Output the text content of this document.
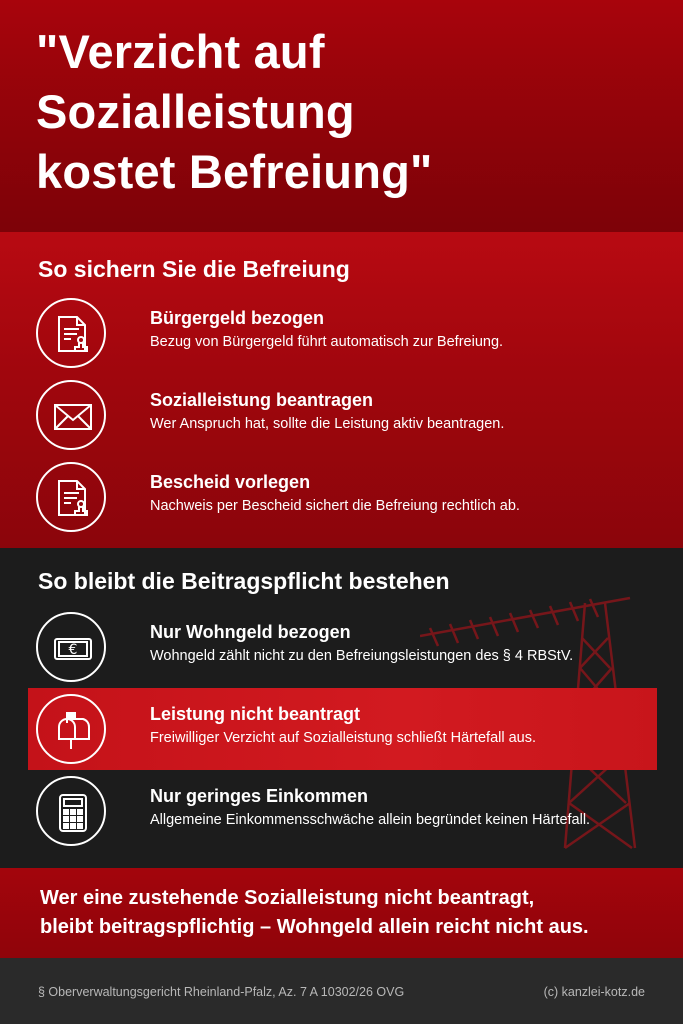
"Verzicht auf
Sozialleistung
kostet Befreiung"
So sichern Sie die Befreiung
Bürgergeld bezogen
Bezug von Bürgergeld führt automatisch zur Befreiung.
Sozialleistung beantragen
Wer Anspruch hat, sollte die Leistung aktiv beantragen.
Bescheid vorlegen
Nachweis per Bescheid sichert die Befreiung rechtlich ab.
So bleibt die Beitragspflicht bestehen
€
Nur Wohngeld bezogen
Wohngeld zählt nicht zu den Befreiungsleistungen des § 4 RBStV.
Leistung nicht beantragt
Freiwilliger Verzicht auf Sozialleistung schließt Härtefall aus.
Nur geringes Einkommen
Allgemeine Einkommensschwäche allein begründet keinen Härtefall.

Wer eine zustehende Sozialleistung nicht beantragt,
bleibt beitragspflichtig – Wohngeld allein reicht nicht aus.

§ Oberverwaltungsgericht Rheinland-Pfalz, Az. 7 A 10302/26 OVG	(c) kanzlei-kotz.de
